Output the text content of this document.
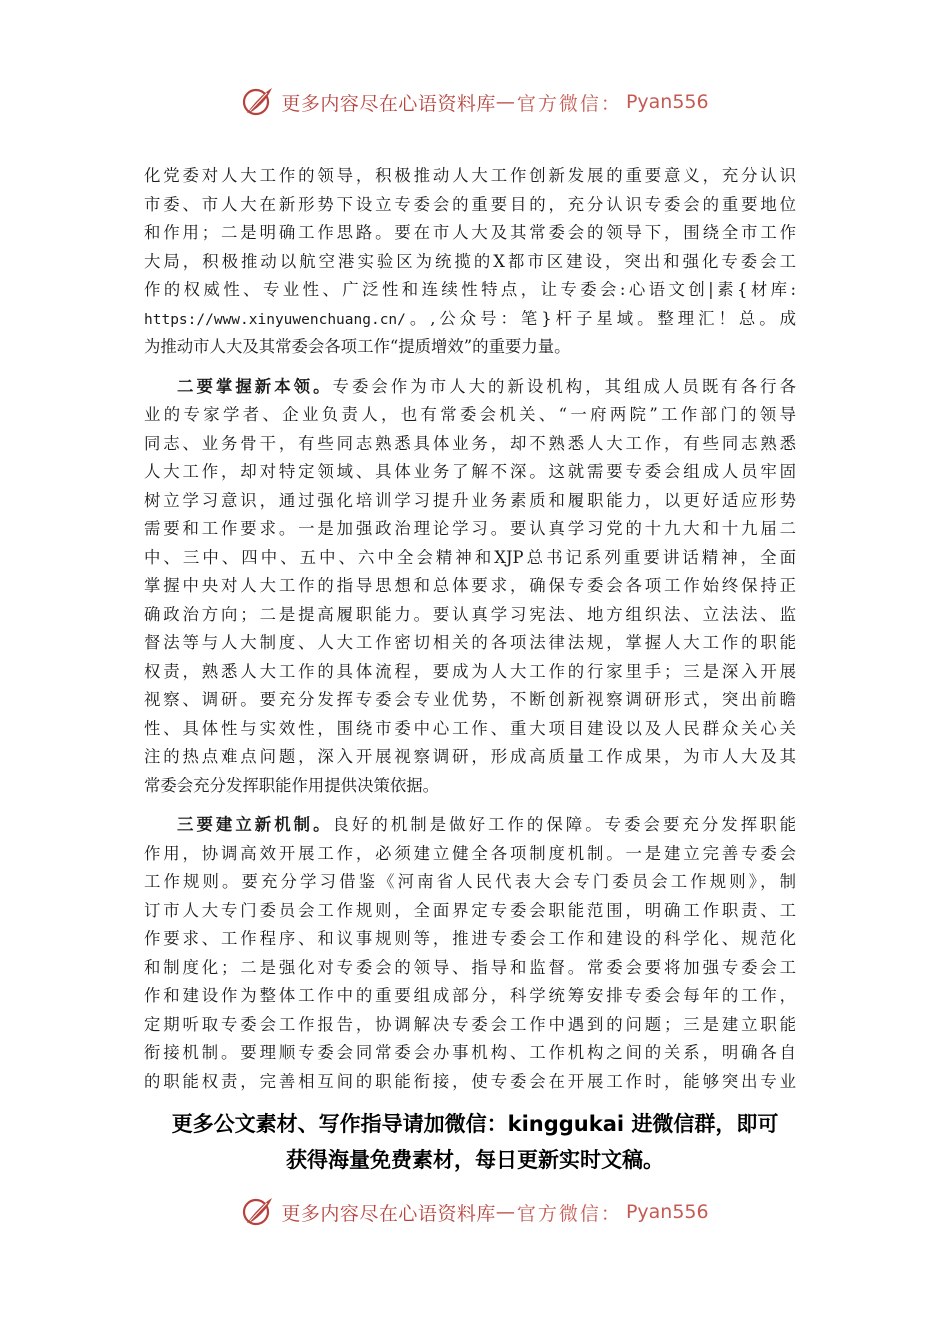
更多内容尽在心语资料库 — 官方微信： Pyan556
化党委对人大工作的领导，积极推动人大工作创新发展的重要意义，充分认识
市委、市人大在新形势下设立专委会的重要目的，充分认识专委会的重要地位
和作用；二是明确工作思路。要在市人大及其常委会的领导下，围绕全市工作
大局，积极推动以航空港实验区为统揽的X都市区建设，突出和强化专委会工
作的权威性、专业性、广泛性和连续性特点，让专委会:心语文创|素{材库:
https://www.xinyuwenchuang.cn/。,公众号：笔}杆子星域。整理汇！总。成
为推动市人大及其常委会各项工作“提质增效”的重要力量。
二要掌握新本领。专委会作为市人大的新设机构，其组成人员既有各行各
业的专家学者、企业负责人，也有常委会机关、“一府两院”工作部门的领导
同志、业务骨干，有些同志熟悉具体业务，却不熟悉人大工作，有些同志熟悉
人大工作，却对特定领域、具体业务了解不深。这就需要专委会组成人员牢固
树立学习意识，通过强化培训学习提升业务素质和履职能力，以更好适应形势
需要和工作要求。一是加强政治理论学习。要认真学习党的十九大和十九届二
中、三中、四中、五中、六中全会精神和XJP总书记系列重要讲话精神，全面
掌握中央对人大工作的指导思想和总体要求，确保专委会各项工作始终保持正
确政治方向；二是提高履职能力。要认真学习宪法、地方组织法、立法法、监
督法等与人大制度、人大工作密切相关的各项法律法规，掌握人大工作的职能
权责，熟悉人大工作的具体流程，要成为人大工作的行家里手；三是深入开展
视察、调研。要充分发挥专委会专业优势，不断创新视察调研形式，突出前瞻
性、具体性与实效性，围绕市委中心工作、重大项目建设以及人民群众关心关
注的热点难点问题，深入开展视察调研，形成高质量工作成果，为市人大及其
常委会充分发挥职能作用提供决策依据。
三要建立新机制。良好的机制是做好工作的保障。专委会要充分发挥职能
作用，协调高效开展工作，必须建立健全各项制度机制。一是建立完善专委会
工作规则。要充分学习借鉴《河南省人民代表大会专门委员会工作规则》，制
订市人大专门委员会工作规则，全面界定专委会职能范围，明确工作职责、工
作要求、工作程序、和议事规则等，推进专委会工作和建设的科学化、规范化
和制度化；二是强化对专委会的领导、指导和监督。常委会要将加强专委会工
作和建设作为整体工作中的重要组成部分，科学统筹安排专委会每年的工作，
定期听取专委会工作报告，协调解决专委会工作中遇到的问题；三是建立职能
衔接机制。要理顺专委会同常委会办事机构、工作机构之间的关系，明确各自
的职能权责，完善相互间的职能衔接，使专委会在开展工作时，能够突出专业
更多公文素材、写作指导请加微信：kinggukai 进微信群，即可
获得海量免费素材，每日更新实时文稿。
更多内容尽在心语资料库 — 官方微信： Pyan556
